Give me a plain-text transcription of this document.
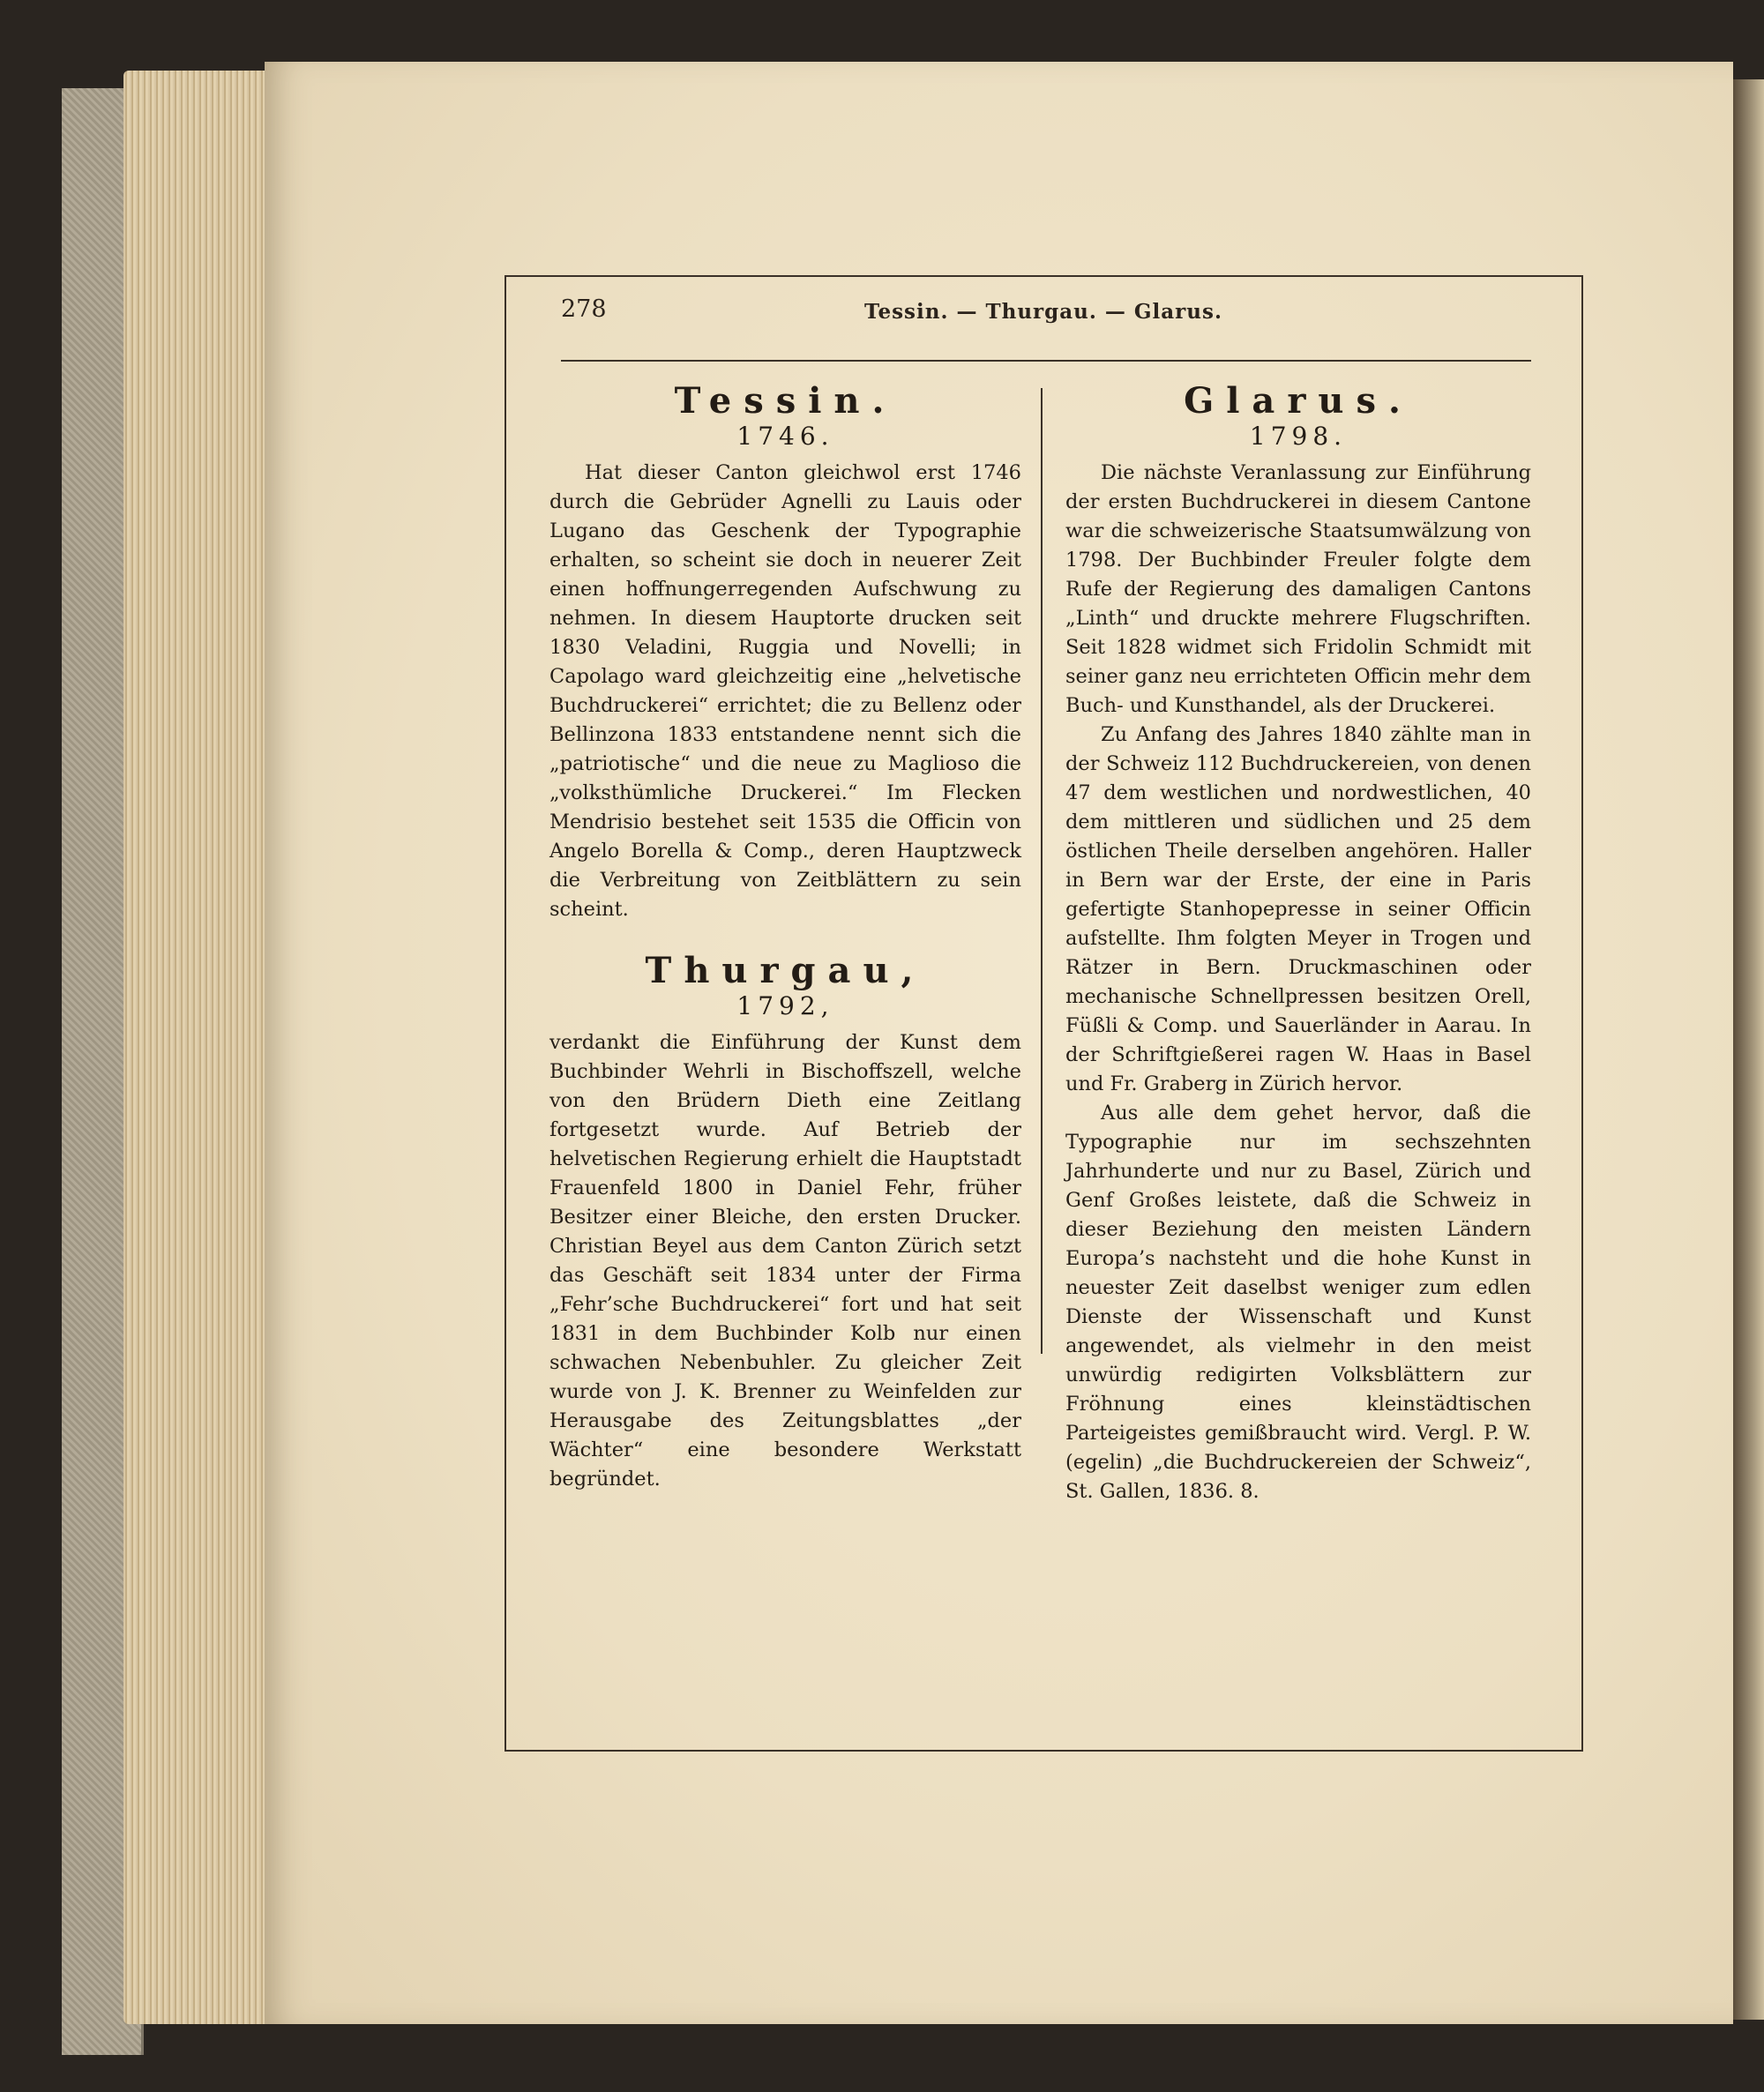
278	Tessin. — Thurgau. — Glarus.

Tessin.

1746.

Hat dieser Canton gleichwol erst 1746 durch die Gebrüder Agnelli zu Lauis oder Lugano das Geschenk der Typographie erhalten, so scheint sie doch in neuerer Zeit einen hoffnungerregenden Aufschwung zu nehmen. In diesem Hauptorte drucken seit 1830 Veladini, Ruggia und Novelli; in Capolago ward gleichzeitig eine „helvetische Buchdruckerei“ errichtet; die zu Bellenz oder Bellinzona 1833 entstandene nennt sich die „patriotische“ und die neue zu Maglioso die „volksthümliche Druckerei.“ Im Flecken Mendrisio bestehet seit 1535 die Officin von Angelo Borella & Comp., deren Hauptzweck die Verbreitung von Zeitblättern zu sein scheint.

Thurgau,

1792,

verdankt die Einführung der Kunst dem Buchbinder Wehrli in Bischoffszell, welche von den Brüdern Dieth eine Zeitlang fortgesetzt wurde. Auf Betrieb der helvetischen Regierung erhielt die Hauptstadt Frauenfeld 1800 in Daniel Fehr, früher Besitzer einer Bleiche, den ersten Drucker. Christian Beyel aus dem Canton Zürich setzt das Geschäft seit 1834 unter der Firma „Fehr’sche Buchdruckerei“ fort und hat seit 1831 in dem Buchbinder Kolb nur einen schwachen Nebenbuhler. Zu gleicher Zeit wurde von J. K. Brenner zu Weinfelden zur Herausgabe des Zeitungsblattes „der Wächter“ eine besondere Werkstatt begründet.

Glarus.

1798.

Die nächste Veranlassung zur Einführung der ersten Buchdruckerei in diesem Cantone war die schweizerische Staatsumwälzung von 1798. Der Buchbinder Freuler folgte dem Rufe der Regierung des damaligen Cantons „Linth“ und druckte mehrere Flugschriften. Seit 1828 widmet sich Fridolin Schmidt mit seiner ganz neu errichteten Officin mehr dem Buch- und Kunsthandel, als der Druckerei.

Zu Anfang des Jahres 1840 zählte man in der Schweiz 112 Buchdruckereien, von denen 47 dem westlichen und nordwestlichen, 40 dem mittleren und südlichen und 25 dem östlichen Theile derselben angehören. Haller in Bern war der Erste, der eine in Paris gefertigte Stanhopepresse in seiner Officin aufstellte. Ihm folgten Meyer in Trogen und Rätzer in Bern. Druckmaschinen oder mechanische Schnellpressen besitzen Orell, Füßli & Comp. und Sauerländer in Aarau. In der Schriftgießerei ragen W. Haas in Basel und Fr. Graberg in Zürich hervor.

Aus alle dem gehet hervor, daß die Typographie nur im sechszehnten Jahrhunderte und nur zu Basel, Zürich und Genf Großes leistete, daß die Schweiz in dieser Beziehung den meisten Ländern Europa’s nachsteht und die hohe Kunst in neuester Zeit daselbst weniger zum edlen Dienste der Wissenschaft und Kunst angewendet, als vielmehr in den meist unwürdig redigirten Volksblättern zur Fröhnung eines kleinstädtischen Parteigeistes gemißbraucht wird. Vergl. P. W. (egelin) „die Buchdruckereien der Schweiz“, St. Gallen, 1836. 8.
